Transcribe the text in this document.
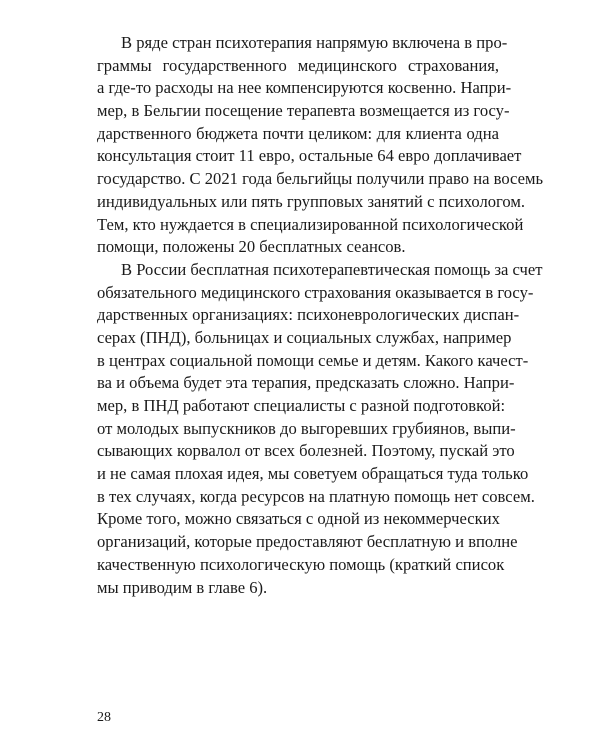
В ряде стран психотерапия напрямую включена в про-
граммы государственного медицинского страхования,
а где-то расходы на нее компенсируются косвенно. Напри-
мер, в Бельгии посещение терапевта возмещается из госу-
дарственного бюджета почти целиком: для клиента одна
консультация стоит 11 евро, остальные 64 евро доплачивает
государство. С 2021 года бельгийцы получили право на восемь
индивидуальных или пять групповых занятий с психологом.
Тем, кто нуждается в специализированной психологической
помощи, положены 20 бесплатных сеансов.
В России бесплатная психотерапевтическая помощь за счет
обязательного медицинского страхования оказывается в госу-
дарственных организациях: психоневрологических диспан-
серах (ПНД), больницах и социальных службах, например
в центрах социальной помощи семье и детям. Какого качест-
ва и объема будет эта терапия, предсказать сложно. Напри-
мер, в ПНД работают специалисты с разной подготовкой:
от молодых выпускников до выгоревших грубиянов, выпи-
сывающих корвалол от всех болезней. Поэтому, пускай это
и не самая плохая идея, мы советуем обращаться туда только
в тех случаях, когда ресурсов на платную помощь нет совсем.
Кроме того, можно связаться с одной из некоммерческих
организаций, которые предоставляют бесплатную и вполне
качественную психологическую помощь (краткий список
мы приводим в главе 6).
28
